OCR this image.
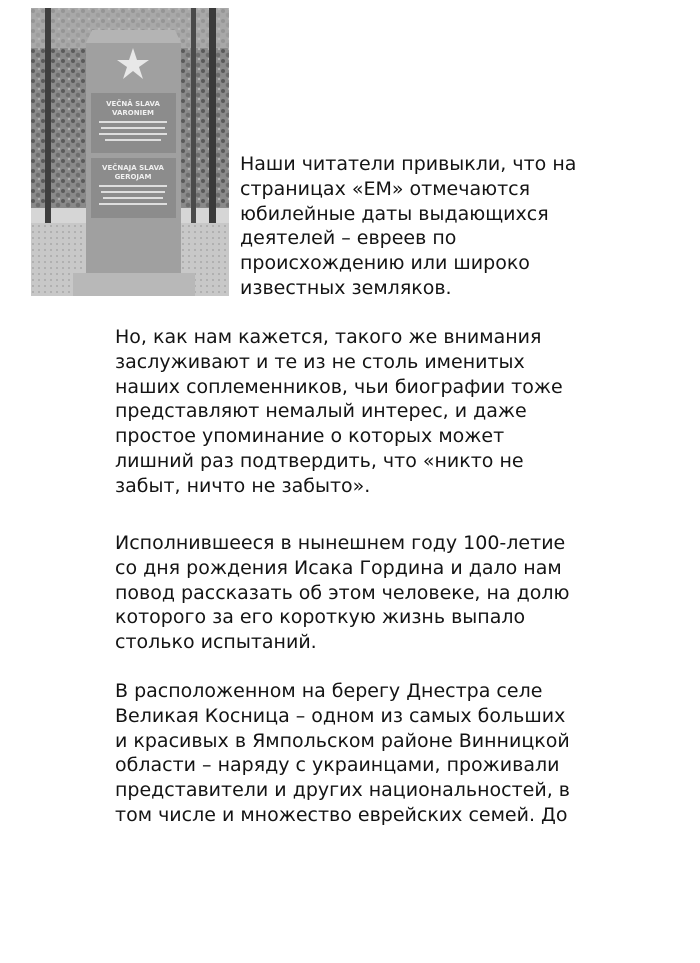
VEČNĀ SLAVA
VARONIEM
VEČNAJA SLAVA
GEROJAM
Наши читатели привыкли, что на
страницах «ЕМ» отмечаются
юбилейные даты выдающихся
деятелей – евреев по
происхождению или широко
известных земляков.
Но, как нам кажется, такого же внимания
заслуживают и те из не столь именитых
наших соплеменников, чьи биографии тоже
представляют немалый интерес, и даже
простое упоминание о которых может
лишний раз подтвердить, что «никто не
забыт, ничто не забыто».
Исполнившееся в нынешнем году 100-летие
со дня рождения Исака Гордина и дало нам
повод рассказать об этом человеке, на долю
которого за его короткую жизнь выпало
столько испытаний.
В расположенном на берегу Днестра селе
Великая Косница – одном из самых больших
и красивых в Ямпольском районе Винницкой
области – наряду с украинцами, проживали
представители и других национальностей, в
том числе и множество еврейских семей. До
